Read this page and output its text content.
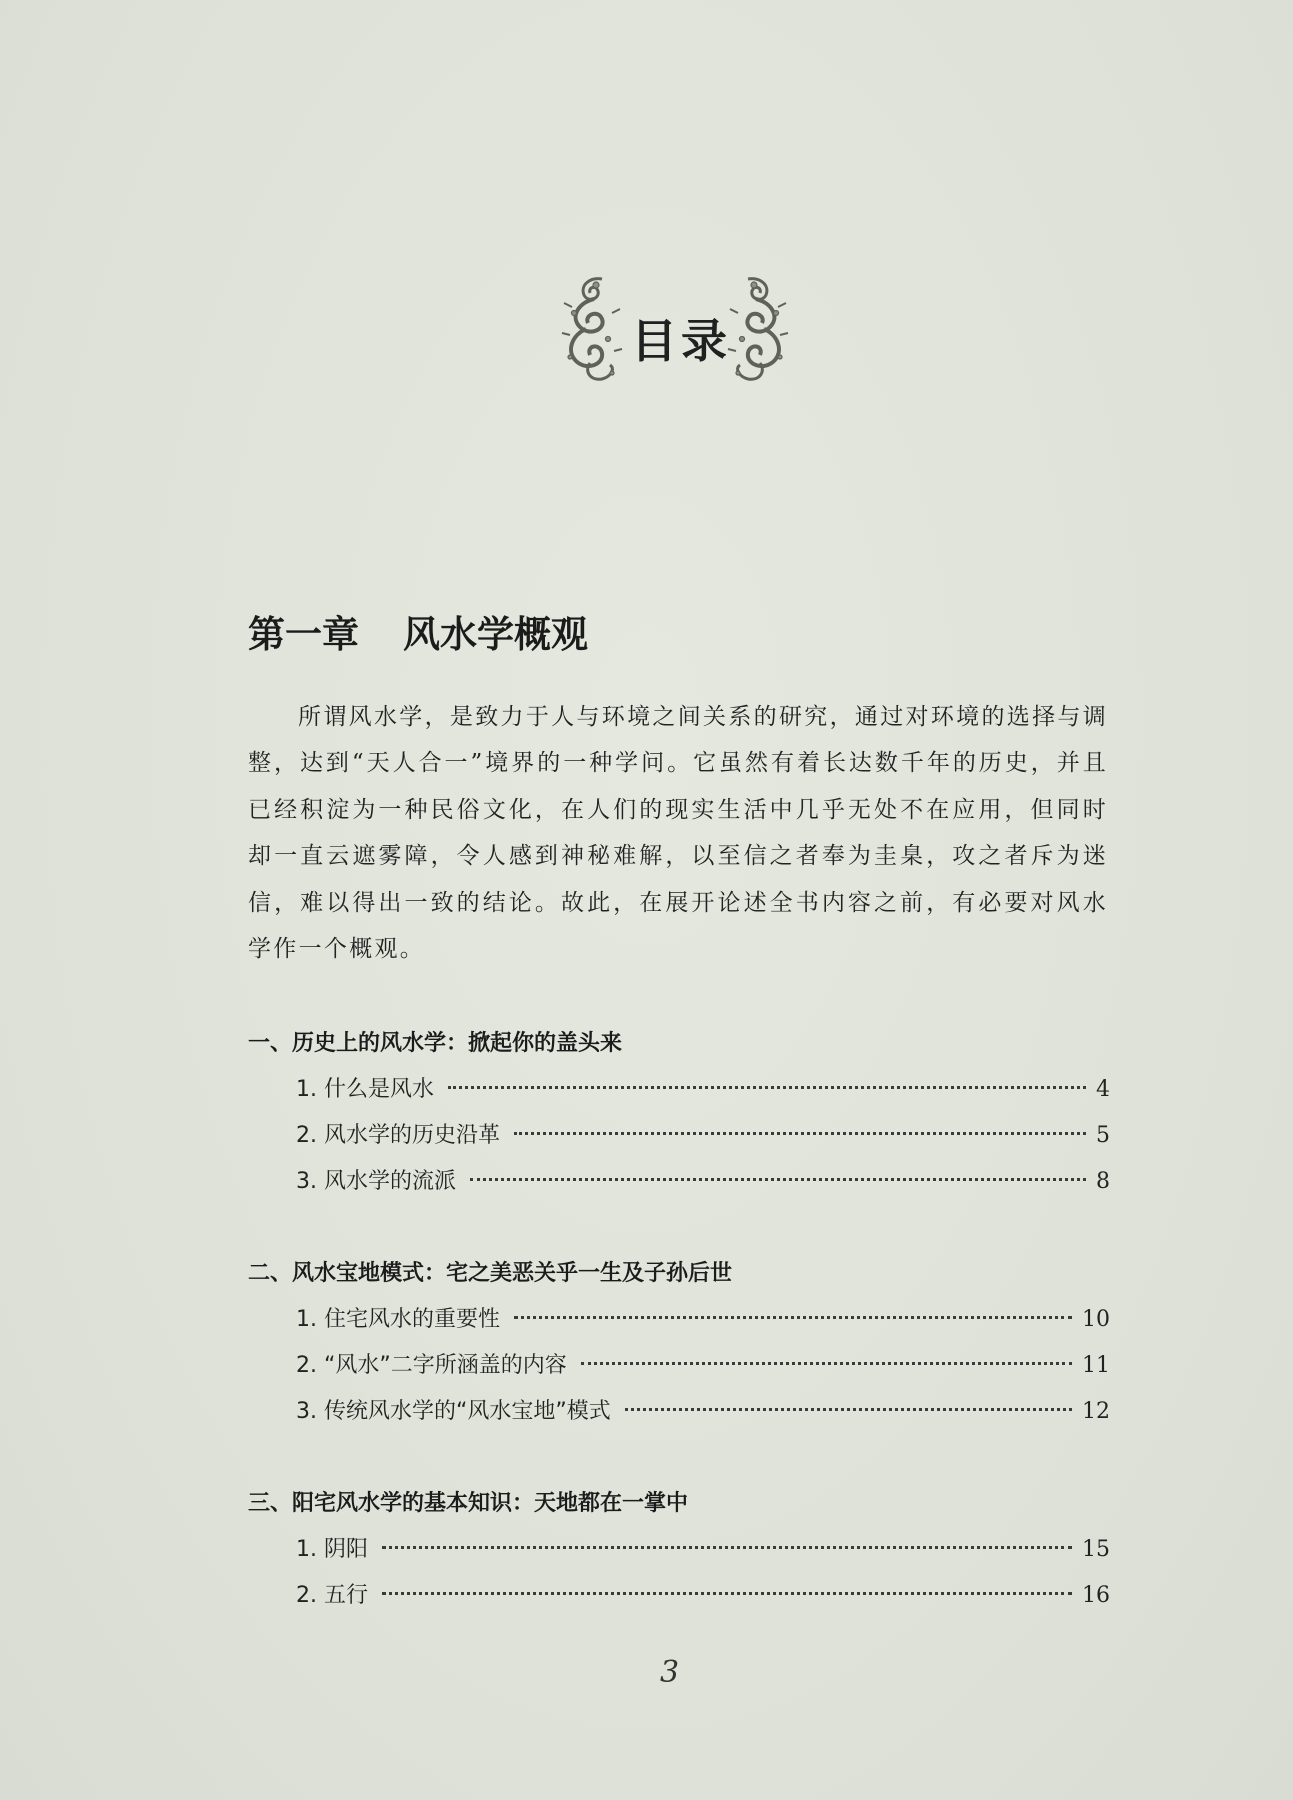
目录
第一章 风水学概观
所谓风水学，是致力于人与环境之间关系的研究，通过对环境的选择与调整，达到“天人合一”境界的一种学问。它虽然有着长达数千年的历史，并且已经积淀为一种民俗文化，在人们的现实生活中几乎无处不在应用，但同时却一直云遮雾障，令人感到神秘难解，以至信之者奉为圭臬，攻之者斥为迷信，难以得出一致的结论。故此，在展开论述全书内容之前，有必要对风水学作一个概观。
一、历史上的风水学：掀起你的盖头来
1. 什么是风水	4
2. 风水学的历史沿革	5
3. 风水学的流派	8
二、风水宝地模式：宅之美恶关乎一生及子孙后世
1. 住宅风水的重要性	10
2. “风水”二字所涵盖的内容	11
3. 传统风水学的“风水宝地”模式	12
三、阳宅风水学的基本知识：天地都在一掌中
1. 阴阳	15
2. 五行	16
3
